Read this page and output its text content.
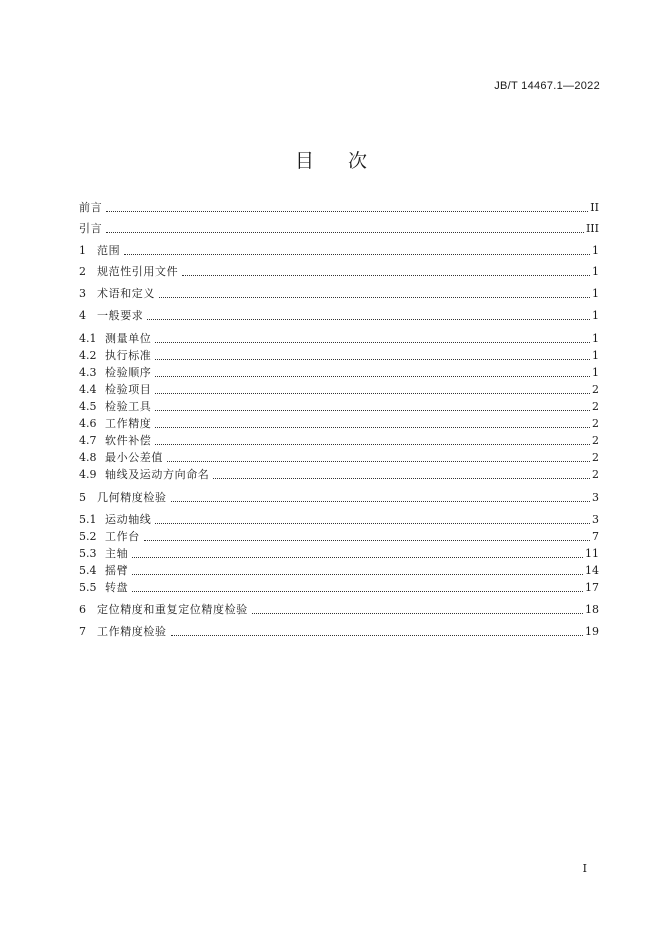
JB/T 14467.1—2022
目次
前言	II
引言	III
1	范围	1
2	规范性引用文件	1
3	术语和定义	1
4	一般要求	1
4.1 测量单位	1
4.2 执行标准	1
4.3 检验顺序	1
4.4 检验项目	2
4.5 检验工具	2
4.6 工作精度	2
4.7 软件补偿	2
4.8 最小公差值	2
4.9 轴线及运动方向命名	2
5	几何精度检验	3
5.1 运动轴线	3
5.2 工作台	7
5.3 主轴	11
5.4 摇臂	14
5.5 转盘	17
6	定位精度和重复定位精度检验	18
7	工作精度检验	19
I
